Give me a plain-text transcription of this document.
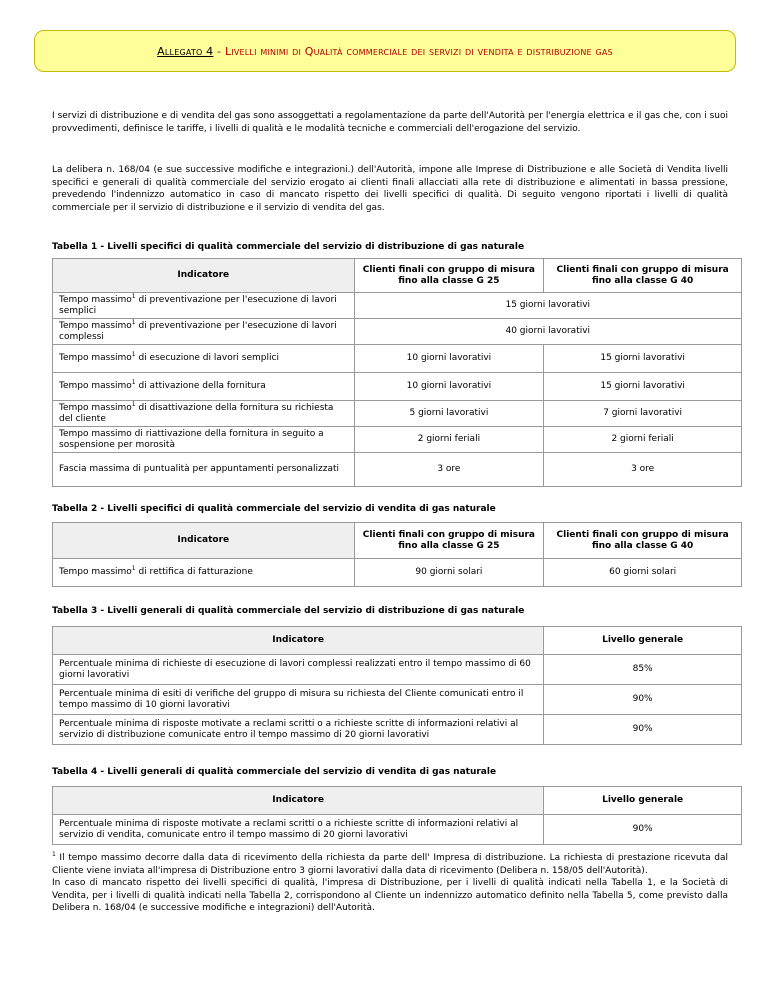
Allegato 4 - Livelli minimi di Qualità commerciale dei servizi di vendita e distribuzione gas
I servizi di distribuzione e di vendita del gas sono assoggettati a regolamentazione da parte dell'Autorità per l'energia elettrica e il gas che, con i suoi provvedimenti, definisce le tariffe, i livelli di qualità e le modalità tecniche e commerciali dell'erogazione del servizio.
La delibera n. 168/04 (e sue successive modifiche e integrazioni.) dell'Autorità, impone alle Imprese di Distribuzione e alle Società di Vendita livelli specifici e generali di qualità commerciale del servizio erogato ai clienti finali allacciati alla rete di distribuzione e alimentati in bassa pressione, prevedendo l'indennizzo automatico in caso di mancato rispetto dei livelli specifici di qualità. Di seguito vengono riportati i livelli di qualità commerciale per il servizio di distribuzione e il servizio di vendita del gas.
Tabella 1 - Livelli specifici di qualità commerciale del servizio di distribuzione di gas naturale
Indicatore	Clienti finali con gruppo di misura fino alla classe G 25	Clienti finali con gruppo di misura fino alla classe G 40
Tempo massimo$^1$ di preventivazione per l'esecuzione di lavori semplici	15 giorni lavorativi	
Tempo massimo$^1$ di preventivazione per l'esecuzione di lavori complessi	40 giorni lavorativi	
Tempo massimo$^1$ di esecuzione di lavori semplici	10 giorni lavorativi	15 giorni lavorativi
Tempo massimo$^1$ di attivazione della fornitura	10 giorni lavorativi	15 giorni lavorativi
Tempo massimo$^1$ di disattivazione della fornitura su richiesta del cliente	5 giorni lavorativi	7 giorni lavorativi
Tempo massimo di riattivazione della fornitura in seguito a sospensione per morosità	2 giorni feriali	2 giorni feriali
Fascia massima di puntualità per appuntamenti personalizzati	3 ore	3 ore
Tabella 2 - Livelli specifici di qualità commerciale del servizio di vendita di gas naturale
Indicatore	Clienti finali con gruppo di misura fino alla classe G 25	Clienti finali con gruppo di misura fino alla classe G 40
Tempo massimo$^1$ di rettifica di fatturazione	90 giorni solari	60 giorni solari
Tabella 3 - Livelli generali di qualità commerciale del servizio di distribuzione di gas naturale
Indicatore	Livello generale
Percentuale minima di richieste di esecuzione di lavori complessi realizzati entro il tempo massimo di 60 giorni lavorativi	85%
Percentuale minima di esiti di verifiche del gruppo di misura su richiesta del Cliente comunicati entro il tempo massimo di 10 giorni lavorativi	90%
Percentuale minima di risposte motivate a reclami scritti o a richieste scritte di informazioni relativi al servizio di distribuzione comunicate entro il tempo massimo di 20 giorni lavorativi	90%
Tabella 4 - Livelli generali di qualità commerciale del servizio di vendita di gas naturale
Indicatore	Livello generale
Percentuale minima di risposte motivate a reclami scritti o a richieste scritte di informazioni relativi al servizio di vendita, comunicate entro il tempo massimo di 20 giorni lavorativi	90%
$^1$ Il tempo massimo decorre dalla data di ricevimento della richiesta da parte dell' Impresa di distribuzione. La richiesta di prestazione ricevuta dal Cliente viene inviata all'impresa di Distribuzione entro 3 giorni lavorativi dalla data di ricevimento (Delibera n. 158/05 dell'Autorità).
In caso di mancato rispetto dei livelli specifici di qualità, l'impresa di Distribuzione, per i livelli di qualità indicati nella Tabella 1, e la Società di Vendita, per i livelli di qualità indicati nella Tabella 2, corrispondono al Cliente un indennizzo automatico definito nella Tabella 5, come previsto dalla Delibera n. 168/04 (e successive modifiche e integrazioni) dell'Autorità.
